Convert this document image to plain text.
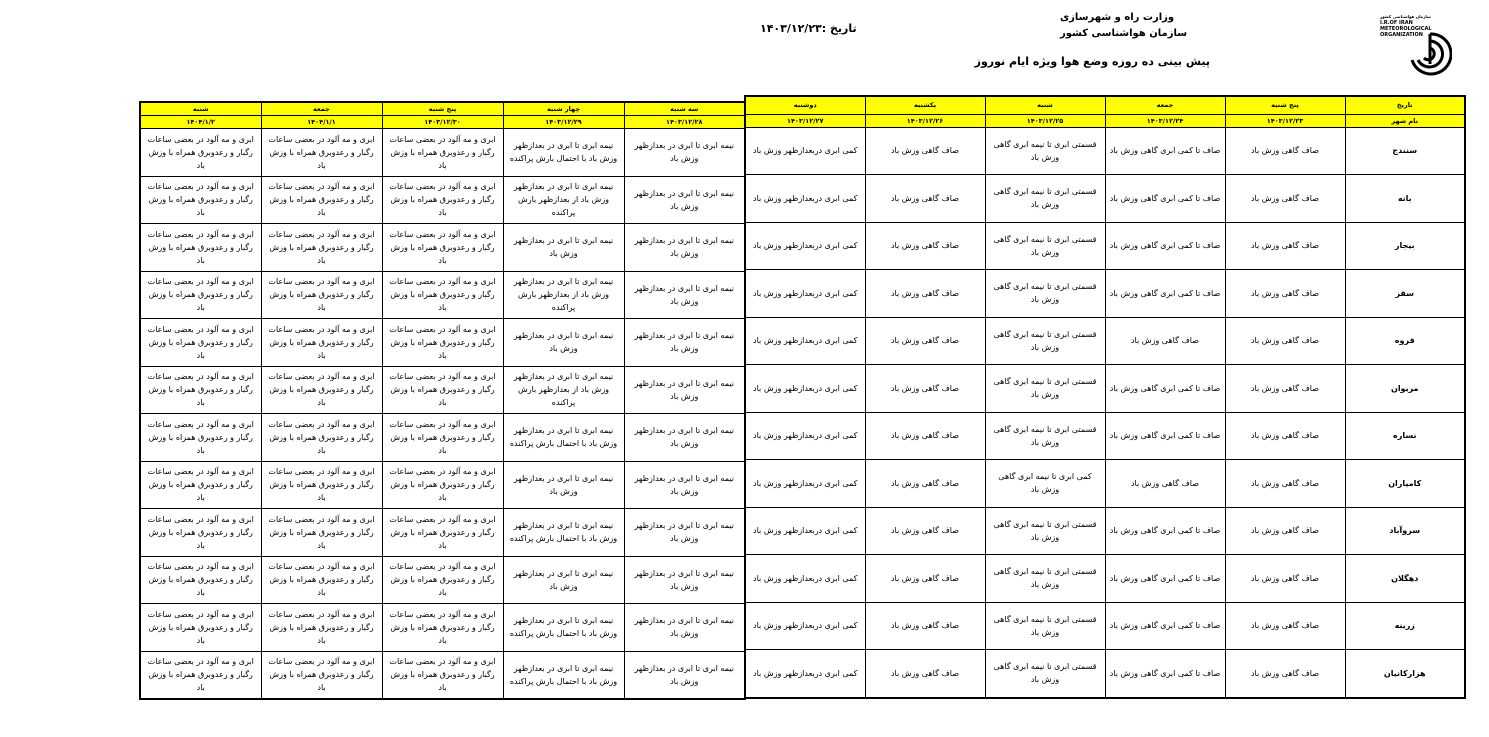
وزارت راه و شهرسازی
سازمان هواشناسی کشور
تاریخ :۱۴۰۳/۱۲/۲۳
پیش بینی ده روزه وضع هوا ویژه ایام نوروز
سازمان هواشناسی کشور
I.R.OF IRAN
METEOROLOGICAL
ORGANIZATION
شنبه	جمعه	پنج شنبه	چهار شنبه	سه شنبه
۱۴۰۴/۱/۲	۱۴۰۴/۱/۱	۱۴۰۳/۱۲/۳۰	۱۴۰۳/۱۲/۲۹	۱۴۰۳/۱۲/۲۸
ابری و مه آلود در بعضی ساعات رگبار و رعدوبرق همراه با وزش باد	ابری و مه آلود در بعضی ساعات رگبار و رعدوبرق همراه با وزش باد	ابری و مه آلود در بعضی ساعات رگبار و رعدوبرق همراه با وزش باد	نیمه ابری تا ابری در بعدازظهر وزش باد با احتمال بارش پراکنده	نیمه ابری تا ابری در بعدازظهر وزش باد
ابری و مه آلود در بعضی ساعات رگبار و رعدوبرق همراه با وزش باد	ابری و مه آلود در بعضی ساعات رگبار و رعدوبرق همراه با وزش باد	ابری و مه آلود در بعضی ساعات رگبار و رعدوبرق همراه با وزش باد	نیمه ابری تا ابری در بعدازظهر وزش باد از بعدازظهر بارش پراکنده	نیمه ابری تا ابری در بعدازظهر وزش باد
ابری و مه آلود در بعضی ساعات رگبار و رعدوبرق همراه با وزش باد	ابری و مه آلود در بعضی ساعات رگبار و رعدوبرق همراه با وزش باد	ابری و مه آلود در بعضی ساعات رگبار و رعدوبرق همراه با وزش باد	نیمه ابری تا ابری در بعدازظهر وزش باد	نیمه ابری تا ابری در بعدازظهر وزش باد
ابری و مه آلود در بعضی ساعات رگبار و رعدوبرق همراه با وزش باد	ابری و مه آلود در بعضی ساعات رگبار و رعدوبرق همراه با وزش باد	ابری و مه آلود در بعضی ساعات رگبار و رعدوبرق همراه با وزش باد	نیمه ابری تا ابری در بعدازظهر وزش باد از بعدازظهر بارش پراکنده	نیمه ابری تا ابری در بعدازظهر وزش باد
ابری و مه آلود در بعضی ساعات رگبار و رعدوبرق همراه با وزش باد	ابری و مه آلود در بعضی ساعات رگبار و رعدوبرق همراه با وزش باد	ابری و مه آلود در بعضی ساعات رگبار و رعدوبرق همراه با وزش باد	نیمه ابری تا ابری در بعدازظهر وزش باد	نیمه ابری تا ابری در بعدازظهر وزش باد
ابری و مه آلود در بعضی ساعات رگبار و رعدوبرق همراه با وزش باد	ابری و مه آلود در بعضی ساعات رگبار و رعدوبرق همراه با وزش باد	ابری و مه آلود در بعضی ساعات رگبار و رعدوبرق همراه با وزش باد	نیمه ابری تا ابری در بعدازظهر وزش باد از بعدازظهر بارش پراکنده	نیمه ابری تا ابری در بعدازظهر وزش باد
ابری و مه آلود در بعضی ساعات رگبار و رعدوبرق همراه با وزش باد	ابری و مه آلود در بعضی ساعات رگبار و رعدوبرق همراه با وزش باد	ابری و مه آلود در بعضی ساعات رگبار و رعدوبرق همراه با وزش باد	نیمه ابری تا ابری در بعدازظهر وزش باد با احتمال بارش پراکنده	نیمه ابری تا ابری در بعدازظهر وزش باد
ابری و مه آلود در بعضی ساعات رگبار و رعدوبرق همراه با وزش باد	ابری و مه آلود در بعضی ساعات رگبار و رعدوبرق همراه با وزش باد	ابری و مه آلود در بعضی ساعات رگبار و رعدوبرق همراه با وزش باد	نیمه ابری تا ابری در بعدازظهر وزش باد	نیمه ابری تا ابری در بعدازظهر وزش باد
ابری و مه آلود در بعضی ساعات رگبار و رعدوبرق همراه با وزش باد	ابری و مه آلود در بعضی ساعات رگبار و رعدوبرق همراه با وزش باد	ابری و مه آلود در بعضی ساعات رگبار و رعدوبرق همراه با وزش باد	نیمه ابری تا ابری در بعدازظهر وزش باد با احتمال بارش پراکنده	نیمه ابری تا ابری در بعدازظهر وزش باد
ابری و مه آلود در بعضی ساعات رگبار و رعدوبرق همراه با وزش باد	ابری و مه آلود در بعضی ساعات رگبار و رعدوبرق همراه با وزش باد	ابری و مه آلود در بعضی ساعات رگبار و رعدوبرق همراه با وزش باد	نیمه ابری تا ابری در بعدازظهر وزش باد	نیمه ابری تا ابری در بعدازظهر وزش باد
ابری و مه آلود در بعضی ساعات رگبار و رعدوبرق همراه با وزش باد	ابری و مه آلود در بعضی ساعات رگبار و رعدوبرق همراه با وزش باد	ابری و مه آلود در بعضی ساعات رگبار و رعدوبرق همراه با وزش باد	نیمه ابری تا ابری در بعدازظهر وزش باد با احتمال بارش پراکنده	نیمه ابری تا ابری در بعدازظهر وزش باد
ابری و مه آلود در بعضی ساعات رگبار و رعدوبرق همراه با وزش باد	ابری و مه آلود در بعضی ساعات رگبار و رعدوبرق همراه با وزش باد	ابری و مه آلود در بعضی ساعات رگبار و رعدوبرق همراه با وزش باد	نیمه ابری تا ابری در بعدازظهر وزش باد با احتمال بارش پراکنده	نیمه ابری تا ابری در بعدازظهر وزش باد
دوشنبه	یکشنبه	شنبه	جمعه	پنج شنبه	تاریخ
۱۴۰۳/۱۲/۲۷	۱۴۰۳/۱۲/۲۶	۱۴۰۳/۱۲/۲۵	۱۴۰۳/۱۲/۲۴	۱۴۰۳/۱۲/۲۳	نام شهر
کمی ابری دربعدازظهر وزش باد	صاف گاهی وزش باد	قسمتی ابری تا نیمه ابری گاهی وزش باد	صاف تا کمی ابری گاهی وزش باد	صاف گاهی وزش باد	سنندج
کمی ابری دربعدازظهر وزش باد	صاف گاهی وزش باد	قسمتی ابری تا نیمه ابری گاهی وزش باد	صاف تا کمی ابری گاهی وزش باد	صاف گاهی وزش باد	بانه
کمی ابری دربعدازظهر وزش باد	صاف گاهی وزش باد	قسمتی ابری تا نیمه ابری گاهی وزش باد	صاف تا کمی ابری گاهی وزش باد	صاف گاهی وزش باد	بیجار
کمی ابری دربعدازظهر وزش باد	صاف گاهی وزش باد	قسمتی ابری تا نیمه ابری گاهی وزش باد	صاف تا کمی ابری گاهی وزش باد	صاف گاهی وزش باد	سقز
کمی ابری دربعدازظهر وزش باد	صاف گاهی وزش باد	قسمتی ابری تا نیمه ابری گاهی وزش باد	صاف گاهی وزش باد	صاف گاهی وزش باد	قروه
کمی ابری دربعدازظهر وزش باد	صاف گاهی وزش باد	قسمتی ابری تا نیمه ابری گاهی وزش باد	صاف تا کمی ابری گاهی وزش باد	صاف گاهی وزش باد	مریوان
کمی ابری دربعدازظهر وزش باد	صاف گاهی وزش باد	قسمتی ابری تا نیمه ابری گاهی وزش باد	صاف تا کمی ابری گاهی وزش باد	صاف گاهی وزش باد	نساره
کمی ابری دربعدازظهر وزش باد	صاف گاهی وزش باد	کمی ابری تا نیمه ابری گاهی وزش باد	صاف گاهی وزش باد	صاف گاهی وزش باد	کامیاران
کمی ابری دربعدازظهر وزش باد	صاف گاهی وزش باد	قسمتی ابری تا نیمه ابری گاهی وزش باد	صاف تا کمی ابری گاهی وزش باد	صاف گاهی وزش باد	سروآباد
کمی ابری دربعدازظهر وزش باد	صاف گاهی وزش باد	قسمتی ابری تا نیمه ابری گاهی وزش باد	صاف تا کمی ابری گاهی وزش باد	صاف گاهی وزش باد	دهگلان
کمی ابری دربعدازظهر وزش باد	صاف گاهی وزش باد	قسمتی ابری تا نیمه ابری گاهی وزش باد	صاف تا کمی ابری گاهی وزش باد	صاف گاهی وزش باد	زرینه
کمی ابری دربعدازظهر وزش باد	صاف گاهی وزش باد	قسمتی ابری تا نیمه ابری گاهی وزش باد	صاف تا کمی ابری گاهی وزش باد	صاف گاهی وزش باد	هزارکانیان
